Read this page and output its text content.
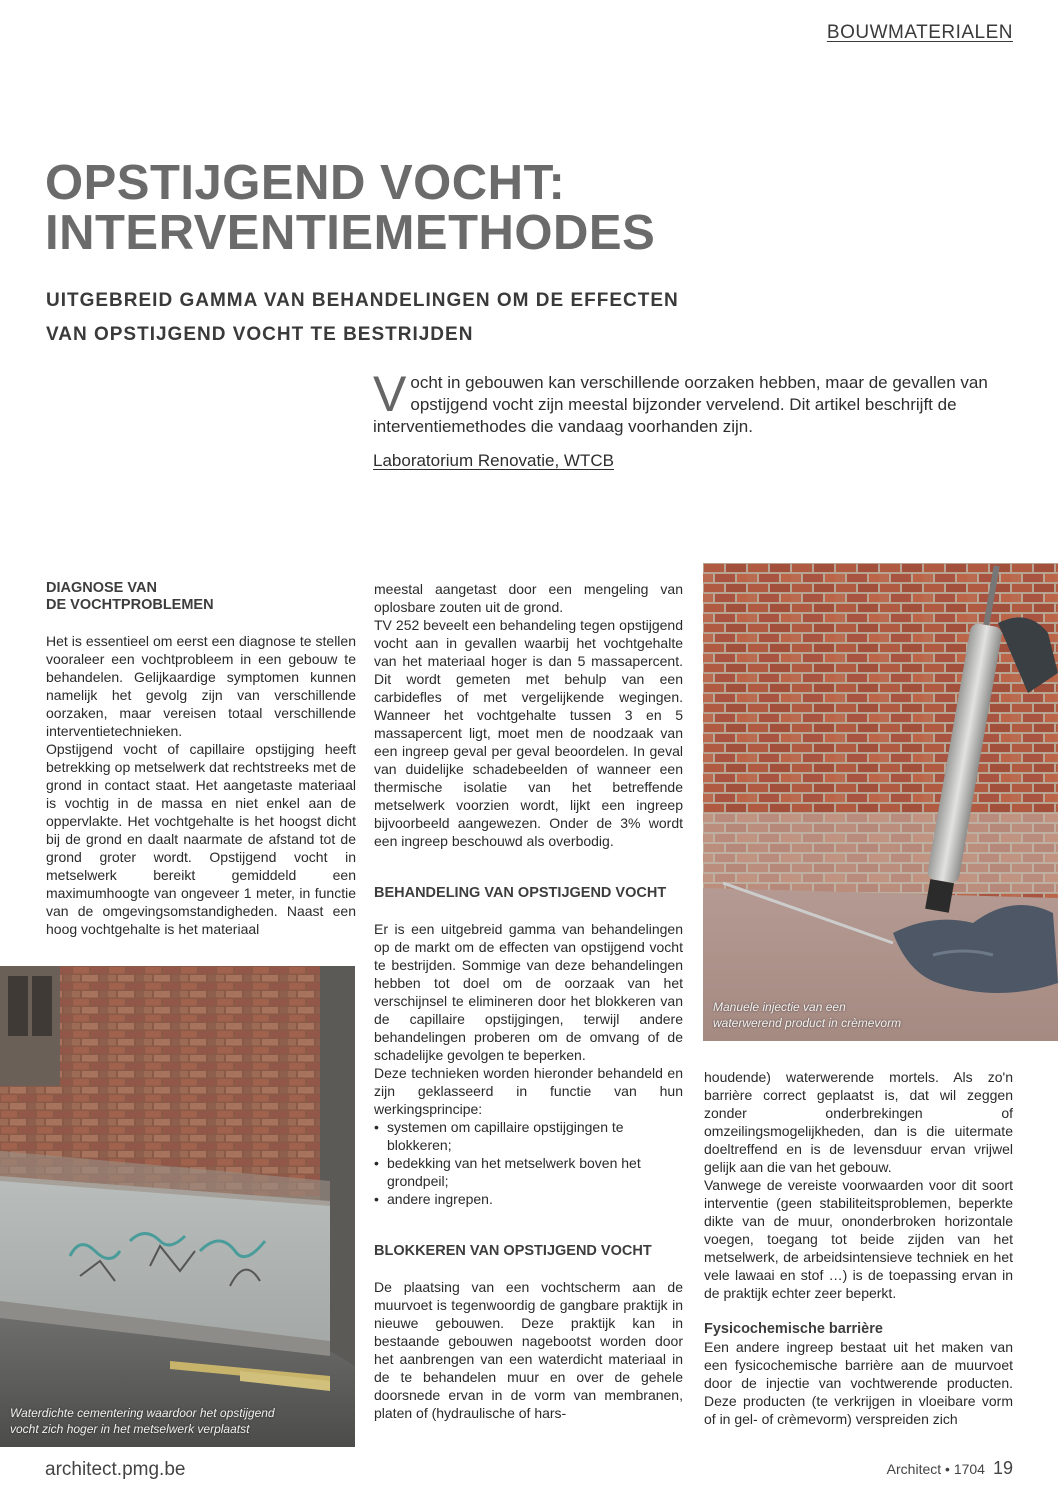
BOUWMATERIALEN
OPSTIJGEND VOCHT:
INTERVENTIEMETHODES
UITGEBREID GAMMA VAN BEHANDELINGEN OM DE EFFECTEN
VAN OPSTIJGEND VOCHT TE BESTRIJDEN
V ocht in gebouwen kan verschillende oorzaken hebben, maar de gevallen van opstijgend vocht zijn meestal bijzonder vervelend. Dit artikel beschrijft de interventiemethodes die vandaag voorhanden zijn.
Laboratorium Renovatie, WTCB
DIAGNOSE VAN
DE VOCHTPROBLEMEN

Het is essentieel om eerst een diagnose te stellen vooraleer een vochtprobleem in een gebouw te behandelen. Gelijkaardige symptomen kunnen namelijk het gevolg zijn van verschillende oorzaken, maar vereisen totaal verschillende interventietechnieken.

Opstijgend vocht of capillaire opstijging heeft betrekking op metselwerk dat rechtstreeks met de grond in contact staat. Het aangetaste materiaal is vochtig in de massa en niet enkel aan de oppervlakte. Het vochtgehalte is het hoogst dicht bij de grond en daalt naarmate de afstand tot de grond groter wordt. Opstijgend vocht in metselwerk bereikt gemiddeld een maximumhoogte van ongeveer 1 meter, in functie van de omgevingsomstandigheden. Naast een hoog vochtgehalte is het materiaal

meestal aangetast door een mengeling van oplosbare zouten uit de grond.

TV 252 beveelt een behandeling tegen opstijgend vocht aan in gevallen waarbij het vochtgehalte van het materiaal hoger is dan 5 massapercent. Dit wordt gemeten met behulp van een carbidefles of met vergelijkende wegingen. Wanneer het vochtgehalte tussen 3 en 5 massapercent ligt, moet men de noodzaak van een ingreep geval per geval beoordelen. In geval van duidelijke schadebeelden of wanneer een thermische isolatie van het betreffende metselwerk voorzien wordt, lijkt een ingreep bijvoorbeeld aangewezen. Onder de 3% wordt een ingreep beschouwd als overbodig.

BEHANDELING VAN OPSTIJGEND VOCHT

Er is een uitgebreid gamma van behandelingen op de markt om de effecten van opstijgend vocht te bestrijden. Sommige van deze behandelingen hebben tot doel om de oorzaak van het verschijnsel te elimineren door het blokkeren van de capillaire opstijgingen, terwijl andere behandelingen proberen om de omvang of de schadelijke gevolgen te beperken.

Deze technieken worden hieronder behandeld en zijn geklasseerd in functie van hun werkingsprincipe:

• systemen om capillaire opstijgingen te blokkeren;
• bedekking van het metselwerk boven het grondpeil;
• andere ingrepen.
BLOKKEREN VAN OPSTIJGEND VOCHT

De plaatsing van een vochtscherm aan de muurvoet is tegenwoordig de gangbare praktijk in nieuwe gebouwen. Deze praktijk kan in bestaande gebouwen nagebootst worden door het aanbrengen van een waterdicht materiaal in de te behandelen muur en over de gehele doorsnede ervan in de vorm van membranen, platen of (hydraulische of hars-

houdende) waterwerende mortels. Als zo'n barrière correct geplaatst is, dat wil zeggen zonder onderbrekingen of omzeilingsmogelijkheden, dan is die uitermate doeltreffend en is de levensduur ervan vrijwel gelijk aan die van het gebouw.

Vanwege de vereiste voorwaarden voor dit soort interventie (geen stabiliteitsproblemen, beperkte dikte van de muur, ononderbroken horizontale voegen, toegang tot beide zijden van het metselwerk, de arbeidsintensieve techniek en het vele lawaai en stof …) is de toepassing ervan in de praktijk echter zeer beperkt.

Fysicochemische barrière

Een andere ingreep bestaat uit het maken van een fysicochemische barrière aan de muurvoet door de injectie van vochtwerende producten. Deze producten (te verkrijgen in vloeibare vorm of in gel- of crèmevorm) verspreiden zich

Waterdichte cementering waardoor het opstijgend
vocht zich hoger in het metselwerk verplaatst
Manuele injectie van een
waterwerend product in crèmevorm
architect.pmg.be	Architect • 1704 19
